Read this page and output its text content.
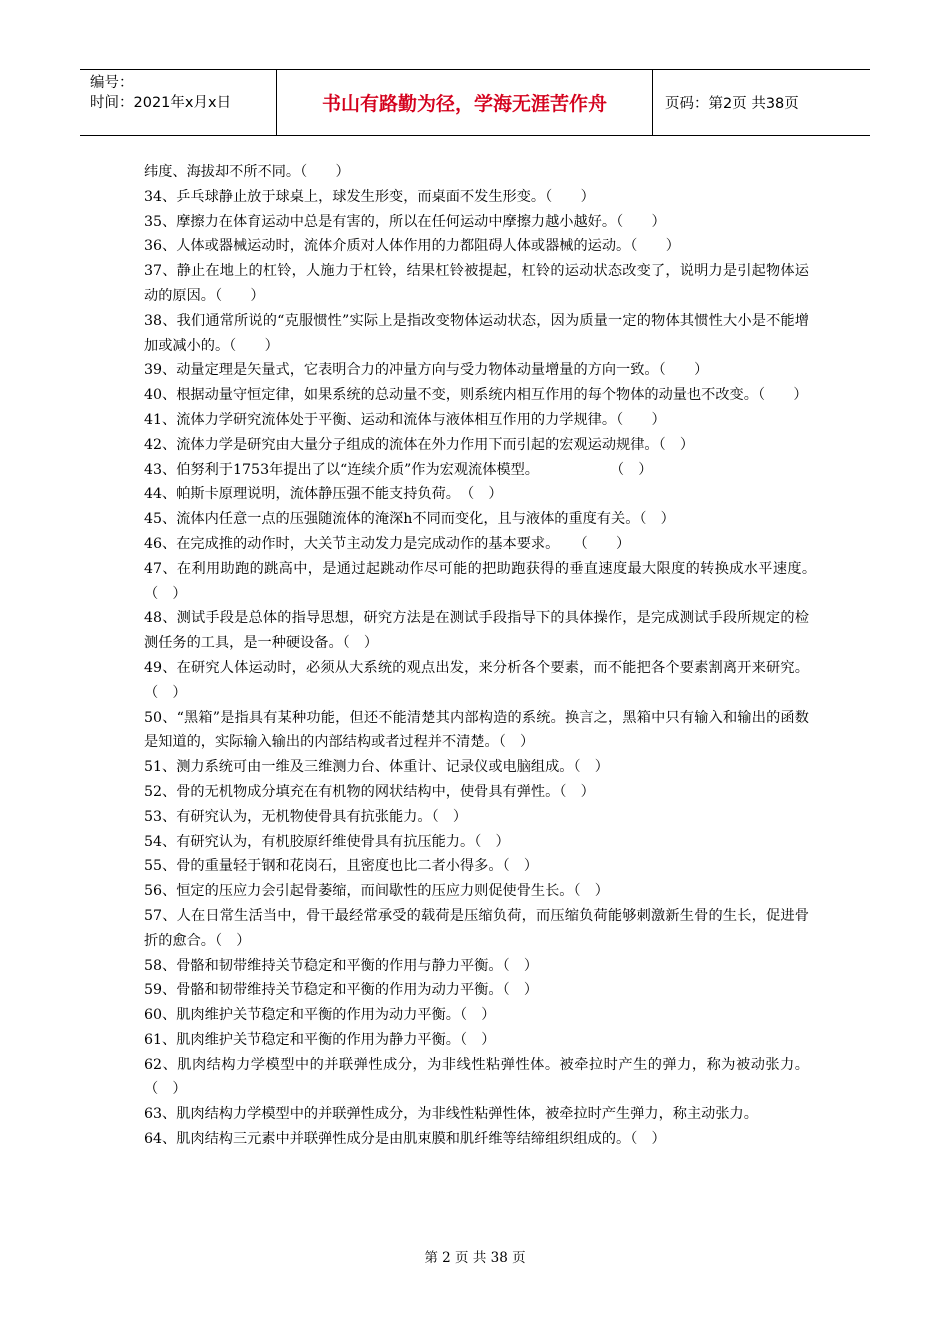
编号：
时间：2021年x月x日	书山有路勤为径，学海无涯苦作舟	页码：第2页 共38页

纬度、海拔却不所不同。（　　）

34、乒乓球静止放于球桌上，球发生形变，而桌面不发生形变。（　　）

35、摩擦力在体育运动中总是有害的，所以在任何运动中摩擦力越小越好。（　　）

36、人体或器械运动时，流体介质对人体作用的力都阻碍人体或器械的运动。（　　）

37、静止在地上的杠铃，人施力于杠铃，结果杠铃被提起，杠铃的运动状态改变了，说明力是引起物体运动的原因。（　　）

38、我们通常所说的“克服惯性”实际上是指改变物体运动状态，因为质量一定的物体其惯性大小是不能增加或减小的。（　　）

39、动量定理是矢量式，它表明合力的冲量方向与受力物体动量增量的方向一致。（　　）

40、根据动量守恒定律，如果系统的总动量不变，则系统内相互作用的每个物体的动量也不改变。（　　）

41、流体力学研究流体处于平衡、运动和流体与液体相互作用的力学规律。（　　）

42、流体力学是研究由大量分子组成的流体在外力作用下而引起的宏观运动规律。（　）

43、伯努利于1753年提出了以“连续介质”作为宏观流体模型。　　　　　　（　）

44、帕斯卡原理说明，流体静压强不能支持负荷。　（　）

45、流体内任意一点的压强随流体的淹深h不同而变化，且与液体的重度有关。（　）

46、在完成推的动作时，大关节主动发力是完成动作的基本要求。　　（　　）

47、在利用助跑的跳高中，是通过起跳动作尽可能的把助跑获得的垂直速度最大限度的转换成水平速度。　（　）

48、测试手段是总体的指导思想，研究方法是在测试手段指导下的具体操作，是完成测试手段所规定的检测任务的工具，是一种硬设备。（　）

49、在研究人体运动时，必须从大系统的观点出发，来分析各个要素，而不能把各个要素割离开来研究。（　）

50、“黑箱”是指具有某种功能，但还不能清楚其内部构造的系统。换言之，黑箱中只有输入和输出的函数是知道的，实际输入输出的内部结构或者过程并不清楚。（　）

51、测力系统可由一维及三维测力台、体重计、记录仪或电脑组成。（　）

52、骨的无机物成分填充在有机物的网状结构中，使骨具有弹性。（　）

53、有研究认为，无机物使骨具有抗张能力。（　）

54、有研究认为，有机胶原纤维使骨具有抗压能力。（　）

55、骨的重量轻于钢和花岗石，且密度也比二者小得多。（　）

56、恒定的压应力会引起骨萎缩，而间歇性的压应力则促使骨生长。（　）

57、人在日常生活当中，骨干最经常承受的载荷是压缩负荷，而压缩负荷能够刺激新生骨的生长，促进骨折的愈合。（　）

58、骨骼和韧带维持关节稳定和平衡的作用与静力平衡。（　）

59、骨骼和韧带维持关节稳定和平衡的作用为动力平衡。（　）

60、肌肉维护关节稳定和平衡的作用为动力平衡。（　）

61、肌肉维护关节稳定和平衡的作用为静力平衡。（　）

62、肌肉结构力学模型中的并联弹性成分，为非线性粘弹性体。被牵拉时产生的弹力，称为被动张力。（　）

63、肌肉结构力学模型中的并联弹性成分，为非线性粘弹性体，被牵拉时产生弹力，称主动张力。

64、肌肉结构三元素中并联弹性成分是由肌束膜和肌纤维等结缔组织组成的。（　）

第 2 页 共 38 页
